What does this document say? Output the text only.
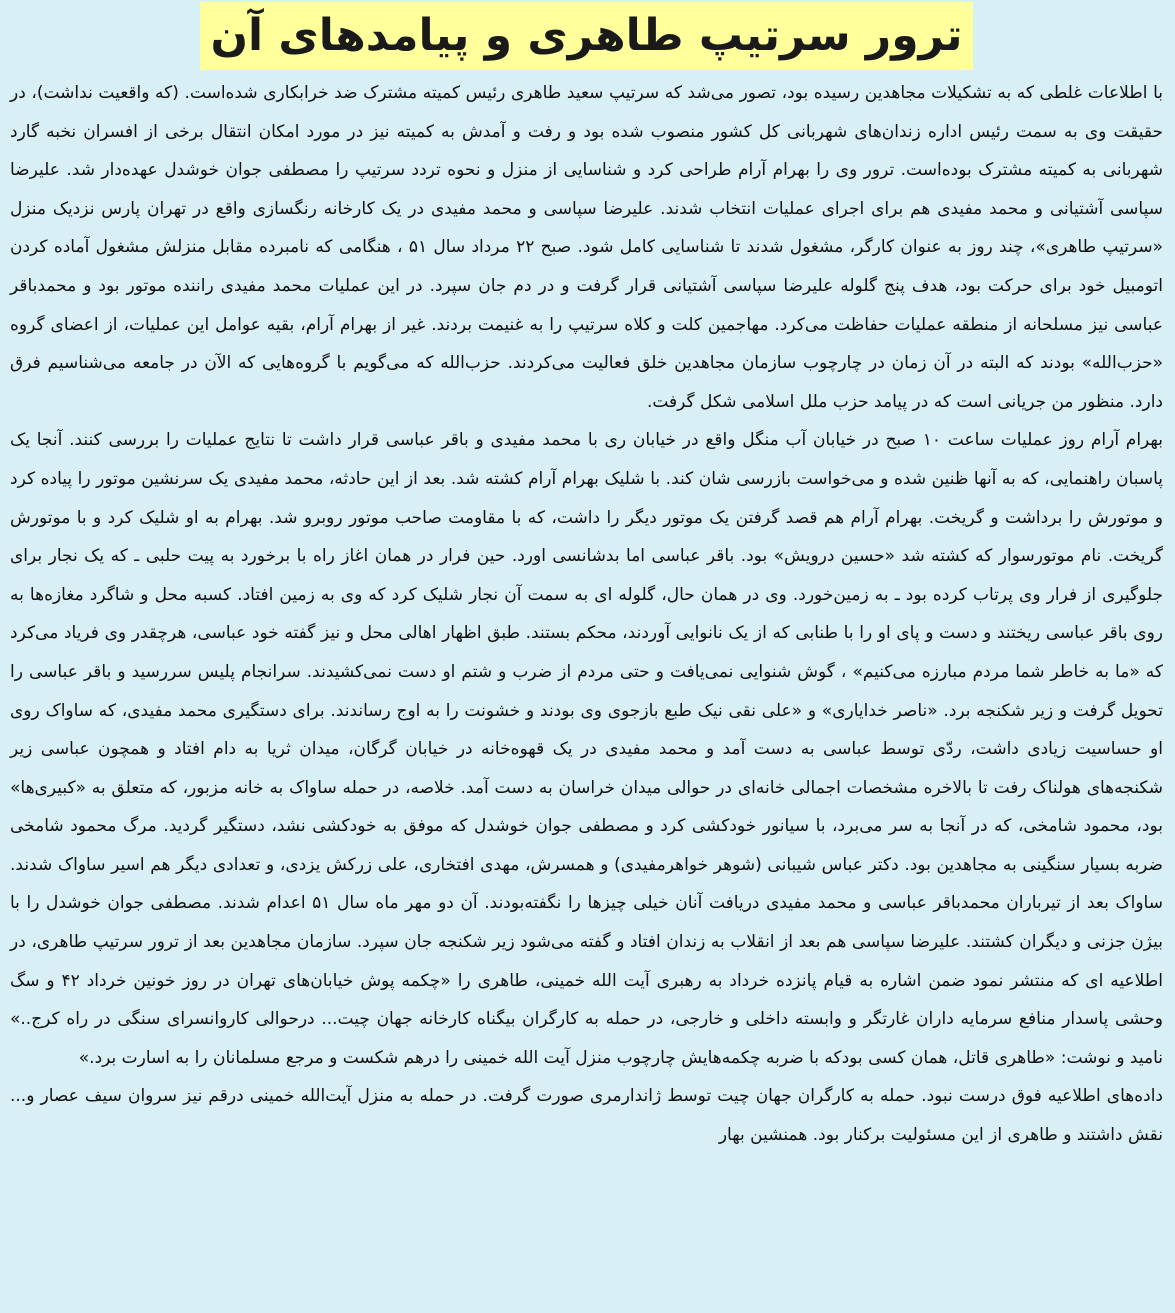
ترور سرتیپ طاهری و پیامدهای آن

با اطلاعات غلطی که به تشکیلات مجاهدین رسیده بود، تصور می‌شد که سرتیپ سعید طاهری رئیس کمیته مشترک ضد خرابکاری شده‌است. (که واقعیت نداشت)، در حقیقت وی به سمت رئیس اداره زندان‌های شهربانی کل کشور منصوب شده بود و رفت و آمدش به کمیته نیز در مورد امکان انتقال برخی از افسران نخبه گارد شهربانی به کمیته مشترک بوده‌است. ترور وی را بهرام آرام طراحی کرد و شناسایی از منزل و نحوه تردد سرتیپ را مصطفی جوان خوشدل عهده‌دار شد. علیرضا سپاسی آشتیانی و محمد مفیدی هم برای اجرای عملیات انتخاب شدند. علیرضا سپاسی و محمد مفیدی در یک کارخانه رنگسازی واقع در تهران پارس نزدیک منزل «سرتیپ طاهری»، چند روز به عنوان کارگر، مشغول شدند تا شناسایی کامل شود. صبح ۲۲ مرداد سال ۵۱ ، هنگامی که نامبرده مقابل منزلش مشغول آماده کردن اتومبیل خود برای حرکت بود، هدف پنج گلوله علیرضا سپاسی آشتیانی قرار گرفت و در دم جان سپرد. در این عملیات محمد مفیدی راننده موتور بود و محمدباقر عباسی نیز مسلحانه از منطقه عملیات حفاظت می‌کرد. مهاجمین کلت و کلاه سرتیپ را به غنیمت بردند. غیر از بهرام آرام، بقیه عوامل این عملیات، از اعضای گروه «حزب‌الله» بودند که البته در آن زمان در چارچوب سازمان مجاهدین خلق فعالیت می‌کردند. حزب‌الله که می‌گویم با گروه‌هایی که الآن در جامعه می‌شناسیم فرق دارد. منظور من جریانی است که در پیامد حزب ملل اسلامی شکل گرفت.

بهرام آرام روز عملیات ساعت ۱۰ صبح در خیابان آب منگل واقع در خیابان ری با محمد مفیدی و باقر عباسی قرار داشت تا نتایج عملیات را بررسی کنند. آنجا یک پاسبان راهنمایی، که به آنها ظنین شده و می‌خواست بازرسی شان کند. با شلیک بهرام آرام کشته شد. بعد از این حادثه، محمد مفیدی یک سرنشین موتور را پیاده کرد و موتورش را برداشت و گریخت. بهرام آرام هم قصد گرفتن یک موتور دیگر را داشت، که با مقاومت صاحب موتور روبرو شد. بهرام به او شلیک کرد و با موتورش گریخت. نام موتورسوار که کشته شد «حسین درویش» بود. باقر عباسی اما بدشانسی اورد. حین فرار در همان اغاز راه با برخورد به پیت حلبی ـ که یک نجار برای جلوگیری از فرار وی پرتاب کرده بود ـ به زمین‌خورد. وی در همان حال، گلوله ای به سمت آن نجار شلیک کرد که وی به زمین افتاد. کسبه محل و شاگرد مغازه‌ها به روی باقر عباسی ریختند و دست و پای او را با طنابی که از یک نانوایی آوردند، محکم بستند. طبق اظهار اهالی محل و نیز گفته خود عباسی، هرچقدر وی فریاد می‌کرد که «ما به خاطر شما مردم مبارزه می‌کنیم» ، گوش شنوایی نمی‌یافت و حتی مردم از ضرب و شتم او دست نمی‌کشیدند. سرانجام پلیس سررسید و باقر عباسی را تحویل گرفت و زیر شکنجه برد. «ناصر خدایاری» و «علی نقی نیک طبع بازجوی وی بودند و خشونت را به اوج رساندند. برای دستگیری محمد مفیدی، که ساواک روی او حساسیت زیادی داشت، ردّی توسط عباسی به دست آمد و محمد مفیدی در یک قهوه‌خانه در خیابان گرگان، میدان ثریا به دام افتاد و همچون عباسی زیر شکنجه‌های هولناک رفت تا بالاخره مشخصات اجمالی خانه‌ای در حوالی میدان خراسان به دست آمد. خلاصه، در حمله ساواک به خانه مزبور، که متعلق به «کبیری‌ها» بود، محمود شامخی، که در آنجا به سر می‌برد، با سیانور خودکشی کرد و مصطفی جوان خوشدل که موفق به خودکشی نشد، دستگیر گردید. مرگ محمود شامخی ضربه بسیار سنگینی به مجاهدین بود. دکتر عباس شیبانی (شوهر خواهرمفیدی) و همسرش، مهدی افتخاری، علی زرکش یزدی، و تعدادی دیگر هم اسیر ساواک شدند. ساواک بعد از تیرباران محمدباقر عباسی و محمد مفیدی دریافت آنان خیلی چیزها را نگفته‌بودند. آن دو مهر ماه سال ۵۱ اعدام شدند. مصطفی جوان خوشدل را با بیژن جزنی و دیگران کشتند. علیرضا سپاسی هم بعد از انقلاب به زندان افتاد و گفته می‌شود زیر شکنجه جان سپرد. سازمان مجاهدین بعد از ترور سرتیپ طاهری، در اطلاعیه ای که منتشر نمود ضمن اشاره به قیام پانزده خرداد به رهبری آیت الله خمینی، طاهری را «چکمه پوش خیابان‌های تهران در روز خونین خرداد ۴۲ و سگ وحشی پاسدار منافع سرمایه داران غارتگر و وابسته داخلی و خارجی، در حمله به کارگران بیگناه کارخانه جهان چیت... درحوالی کاروانسرای سنگی در راه کرج..» نامید و نوشت: «طاهری قاتل، همان کسی بودکه با ضربه چکمه‌هایش چارچوب منزل آیت الله خمینی را درهم شکست و مرجع مسلمانان را به اسارت برد.»

داده‌های اطلاعیه فوق درست نبود. حمله به کارگران جهان چیت توسط ژاندارمری صورت گرفت. در حمله به منزل آیت‌الله خمینی درقم نیز سروان سیف عصار و... نقش داشتند و طاهری از این مسئولیت برکنار بود. همنشین بهار
